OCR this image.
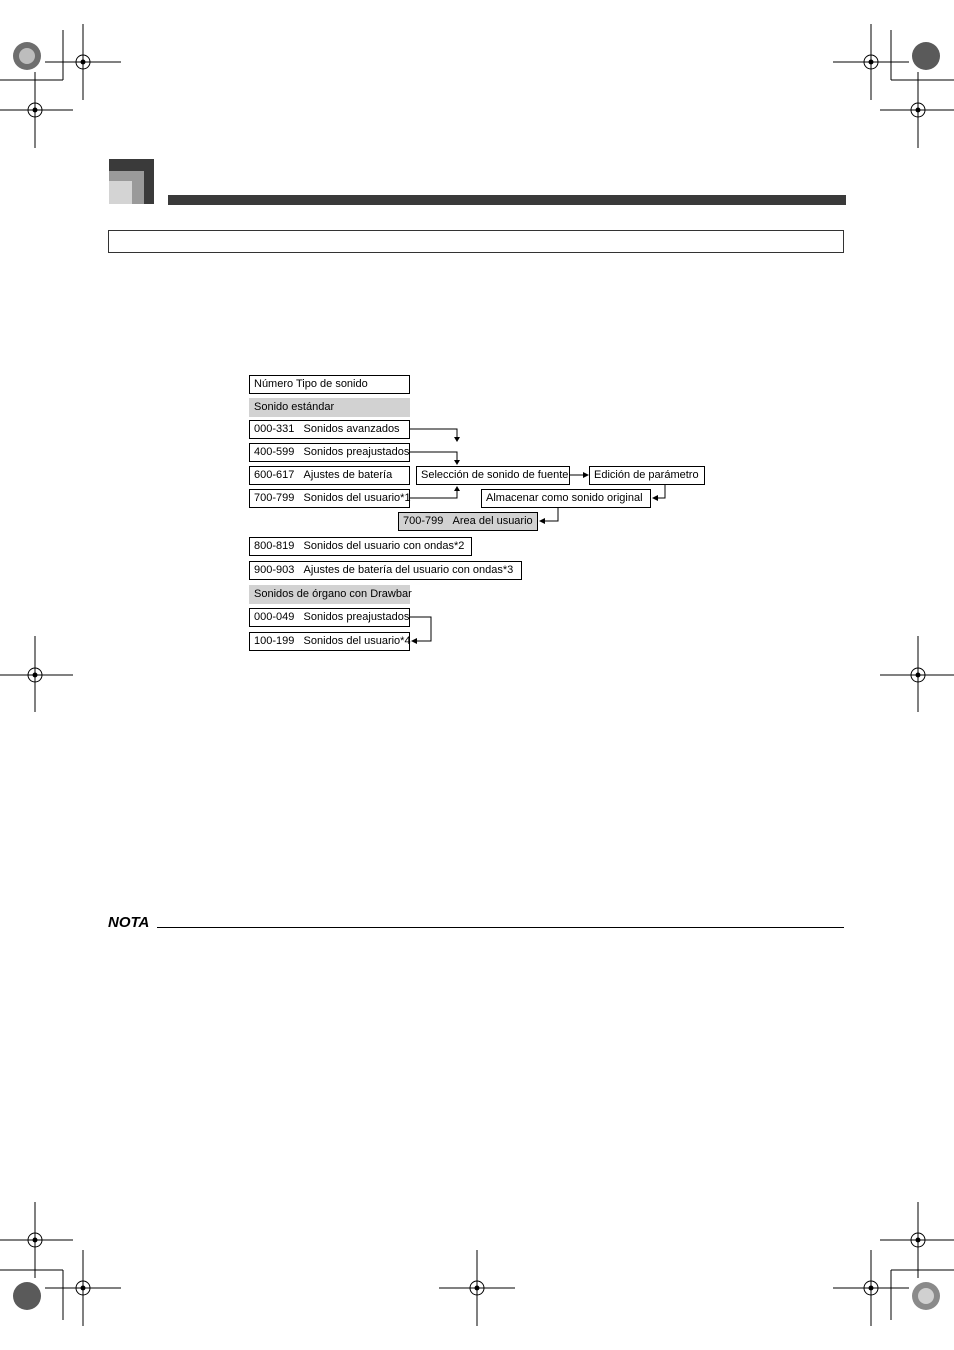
Número Tipo de sonido
Sonido estándar
000-331 Sonidos avanzados
400-599 Sonidos preajustados
600-617 Ajustes de batería
700-799 Sonidos del usuario*1
Selección de sonido de fuente	Edición de parámetro
Almacenar como sonido original
700-799 Area del usuario
800-819 Sonidos del usuario con ondas*2
900-903 Ajustes de batería del usuario con ondas*3
Sonidos de órgano con Drawbar
000-049 Sonidos preajustados
100-199 Sonidos del usuario*4
NOTA
